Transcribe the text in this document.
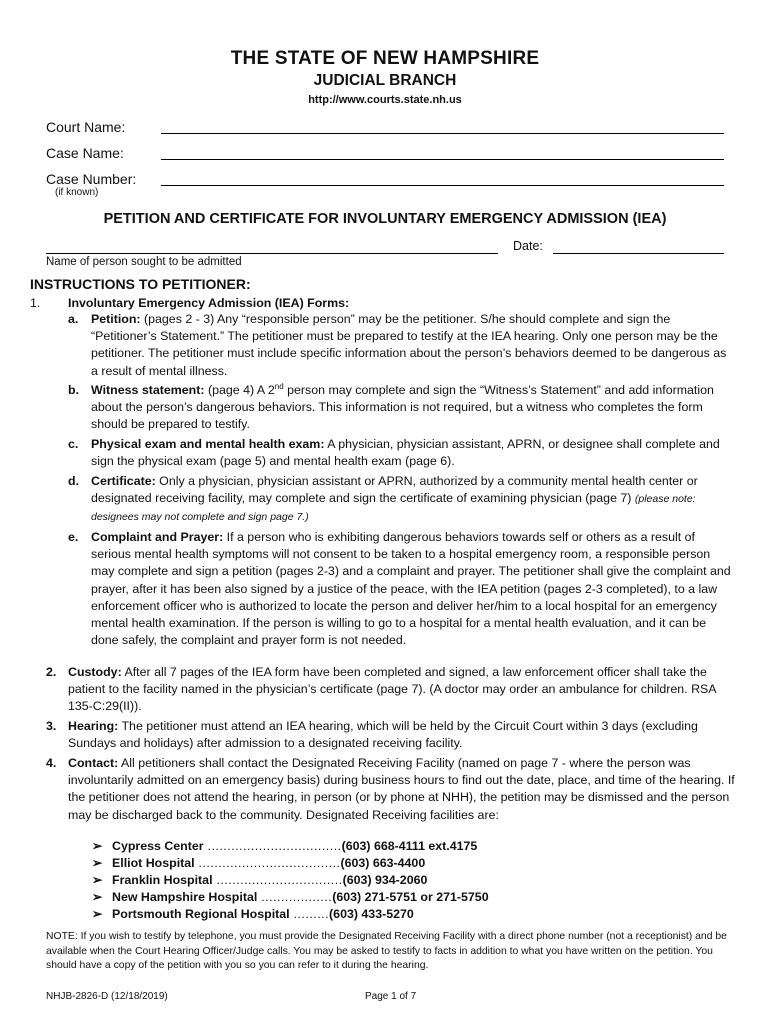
THE STATE OF NEW HAMPSHIRE
JUDICIAL BRANCH
http://www.courts.state.nh.us
Court Name:
Case Name:
Case Number:
(if known)
PETITION AND CERTIFICATE FOR INVOLUNTARY EMERGENCY ADMISSION (IEA)
Date:
Name of person sought to be admitted
INSTRUCTIONS TO PETITIONER:
1. Involuntary Emergency Admission (IEA) Forms:
a. Petition: (pages 2 - 3) Any “responsible person” may be the petitioner. S/he should complete and sign the “Petitioner’s Statement.” The petitioner must be prepared to testify at the IEA hearing. Only one person may be the petitioner. The petitioner must include specific information about the person’s behaviors deemed to be dangerous as a result of mental illness.
b. Witness statement: (page 4) A 2nd person may complete and sign the “Witness’s Statement” and add information about the person’s dangerous behaviors. This information is not required, but a witness who completes the form should be prepared to testify.
c. Physical exam and mental health exam: A physician, physician assistant, APRN, or designee shall complete and sign the physical exam (page 5) and mental health exam (page 6).
d. Certificate: Only a physician, physician assistant or APRN, authorized by a community mental health center or designated receiving facility, may complete and sign the certificate of examining physician (page 7) (please note: designees may not complete and sign page 7.)
e. Complaint and Prayer: If a person who is exhibiting dangerous behaviors towards self or others as a result of serious mental health symptoms will not consent to be taken to a hospital emergency room, a responsible person may complete and sign a petition (pages 2-3) and a complaint and prayer. The petitioner shall give the complaint and prayer, after it has been also signed by a justice of the peace, with the IEA petition (pages 2-3 completed), to a law enforcement officer who is authorized to locate the person and deliver her/him to a local hospital for an emergency mental health examination. If the person is willing to go to a hospital for a mental health evaluation, and it can be done safely, the complaint and prayer form is not needed.
2. Custody: After all 7 pages of the IEA form have been completed and signed, a law enforcement officer shall take the patient to the facility named in the physician’s certificate (page 7). (A doctor may order an ambulance for children. RSA 135-C:29(II)).
3. Hearing: The petitioner must attend an IEA hearing, which will be held by the Circuit Court within 3 days (excluding Sundays and holidays) after admission to a designated receiving facility.
4. Contact: All petitioners shall contact the Designated Receiving Facility (named on page 7 - where the person was involuntarily admitted on an emergency basis) during business hours to find out the date, place, and time of the hearing. If the petitioner does not attend the hearing, in person (or by phone at NHH), the petition may be dismissed and the person may be discharged back to the community. Designated Receiving facilities are:
➢ Cypress Center ..................................(603) 668-4111 ext.4175
➢ Elliot Hospital ....................................(603) 663-4400
➢ Franklin Hospital ................................(603) 934-2060
➢ New Hampshire Hospital ..................(603) 271-5751 or 271-5750
➢ Portsmouth Regional Hospital .........(603) 433-5270
NOTE: If you wish to testify by telephone, you must provide the Designated Receiving Facility with a direct phone number (not a receptionist) and be available when the Court Hearing Officer/Judge calls. You may be asked to testify to facts in addition to what you have written on the petition. You should have a copy of the petition with you so you can refer to it during the hearing.
NHJB-2826-D (12/18/2019)	Page 1 of 7
